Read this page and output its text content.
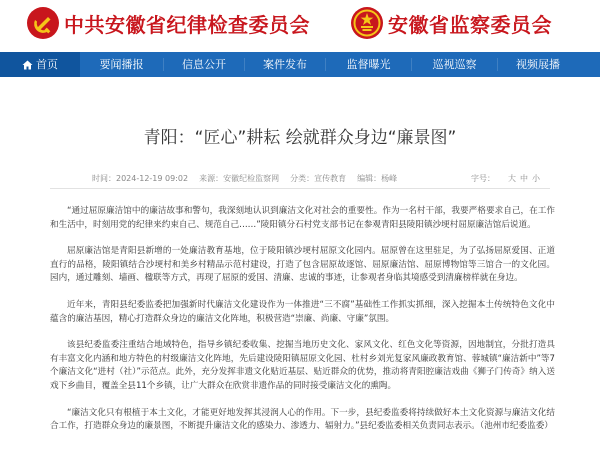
中共安徽省纪律检查委员会	安徽省监察委员会
首页	要闻播报	信息公开	案件发布	监督曝光	巡视巡察	视频展播
青阳：“匠心”耕耘 绘就群众身边“廉景图”
时间：2024-12-19 09:02 来源：安徽纪检监察网 分类：宣传教育 编辑：杨峰	字号： 大 中 小

“通过屈原廉洁馆中的廉洁故事和警句，我深刻地认识到廉洁文化对社会的重要性。作为一名村干部，我要严格要求自己，在工作和生活中，时刻用党的纪律来约束自己、规范自己……”陵阳镇分石村党支部书记在参观青阳县陵阳镇沙埂村屈原廉洁馆后说道。

屈原廉洁馆是青阳县新增的一处廉洁教育基地，位于陵阳镇沙埂村屈原文化园内。屈原曾在这里驻足，为了弘扬屈原爱国、正道直行的品格，陵阳镇结合沙埂村和美乡村精品示范村建设，打造了包含屈原故逐馆、屈原廉洁馆、屈原博物馆等三馆合一的文化园。园内，通过雕刻、墙画、楹联等方式，再现了屈原的爱国、清廉、忠诚的事迹，让参观者身临其境感受到清廉榜样就在身边。

近年来，青阳县纪委监委把加强新时代廉洁文化建设作为一体推进“三不腐”基础性工作抓实抓细，深入挖掘本土传统特色文化中蕴含的廉洁基因，精心打造群众身边的廉洁文化阵地，积极营造“崇廉、尚廉、守廉”氛围。

该县纪委监委注重结合地域特色，指导乡镇纪委收集、挖掘当地历史文化、家风文化、红色文化等资源，因地制宜，分批打造具有丰富文化内涵和地方特色的村级廉洁文化阵地，先后建设陵阳镇屈原文化园、杜村乡刘光复家风廉政教育馆、蓉城镇“廉洁新中”等7个廉洁文化“进村（社）”示范点。此外，充分发挥非遗文化贴近基层、贴近群众的优势，推动将青阳腔廉洁戏曲《狮子门传奇》纳入送戏下乡曲目，覆盖全县11个乡镇，让广大群众在欣赏非遗作品的同时接受廉洁文化的熏陶。

“廉洁文化只有根植于本土文化，才能更好地发挥其浸润人心的作用。下一步，县纪委监委将持续做好本土文化资源与廉洁文化结合工作，打造群众身边的廉景图，不断提升廉洁文化的感染力、渗透力、辐射力。”县纪委监委相关负责同志表示。（池州市纪委监委）
